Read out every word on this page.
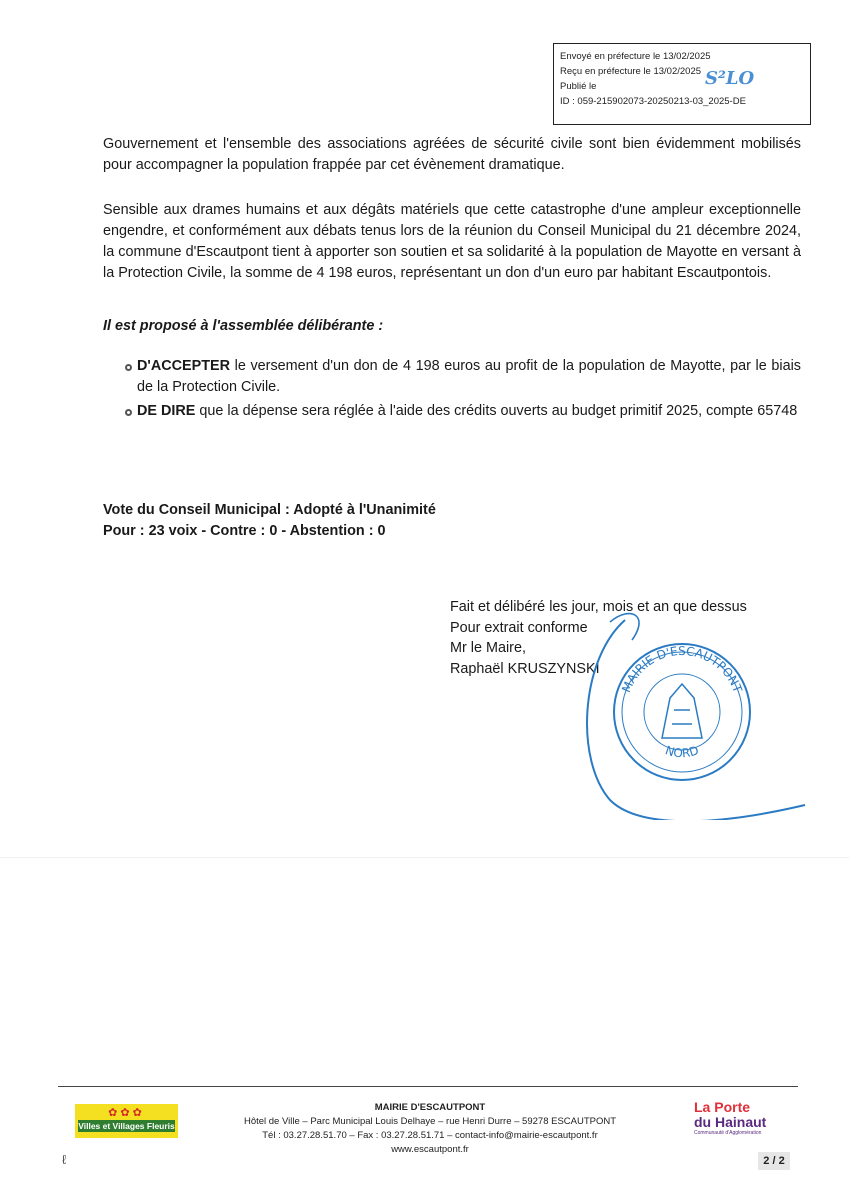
Envoyé en préfecture le 13/02/2025
Reçu en préfecture le 13/02/2025
Publié le
ID : 059-215902073-20250213-03_2025-DE
S²LO
Gouvernement et l'ensemble des associations agréées de sécurité civile sont bien évidemment mobilisés pour accompagner la population frappée par cet évènement dramatique.
Sensible aux drames humains et aux dégâts matériels que cette catastrophe d'une ampleur exceptionnelle engendre, et conformément aux débats tenus lors de la réunion du Conseil Municipal du 21 décembre 2024, la commune d'Escautpont tient à apporter son soutien et sa solidarité à la population de Mayotte en versant à la Protection Civile, la somme de 4 198 euros, représentant un don d'un euro par habitant Escautpontois.
Il est proposé à l'assemblée délibérante :
D'ACCEPTER le versement d'un don de 4 198 euros au profit de la population de Mayotte, par le biais de la Protection Civile.
DE DIRE que la dépense sera réglée à l'aide des crédits ouverts au budget primitif 2025, compte 65748
Vote du Conseil Municipal : Adopté à l'Unanimité
Pour : 23 voix - Contre : 0 - Abstention : 0
Fait et délibéré les jour, mois et an que dessus
Pour extrait conforme
Mr le Maire,
Raphaël KRUSZYNSKI
MAIRIE D'ESCAUTPONT
NORD
✿✿✿
Villes et Villages Fleuris
MAIRIE D'ESCAUTPONT
Hôtel de Ville – Parc Municipal Louis Delhaye – rue Henri Durre – 59278 ESCAUTPONT
Tél : 03.27.28.51.70 – Fax : 03.27.28.51.71 – contact-info@mairie-escautpont.fr
www.escautpont.fr
La Porte
du Hainaut
Communauté d'Agglomération
2 / 2
ℓ
